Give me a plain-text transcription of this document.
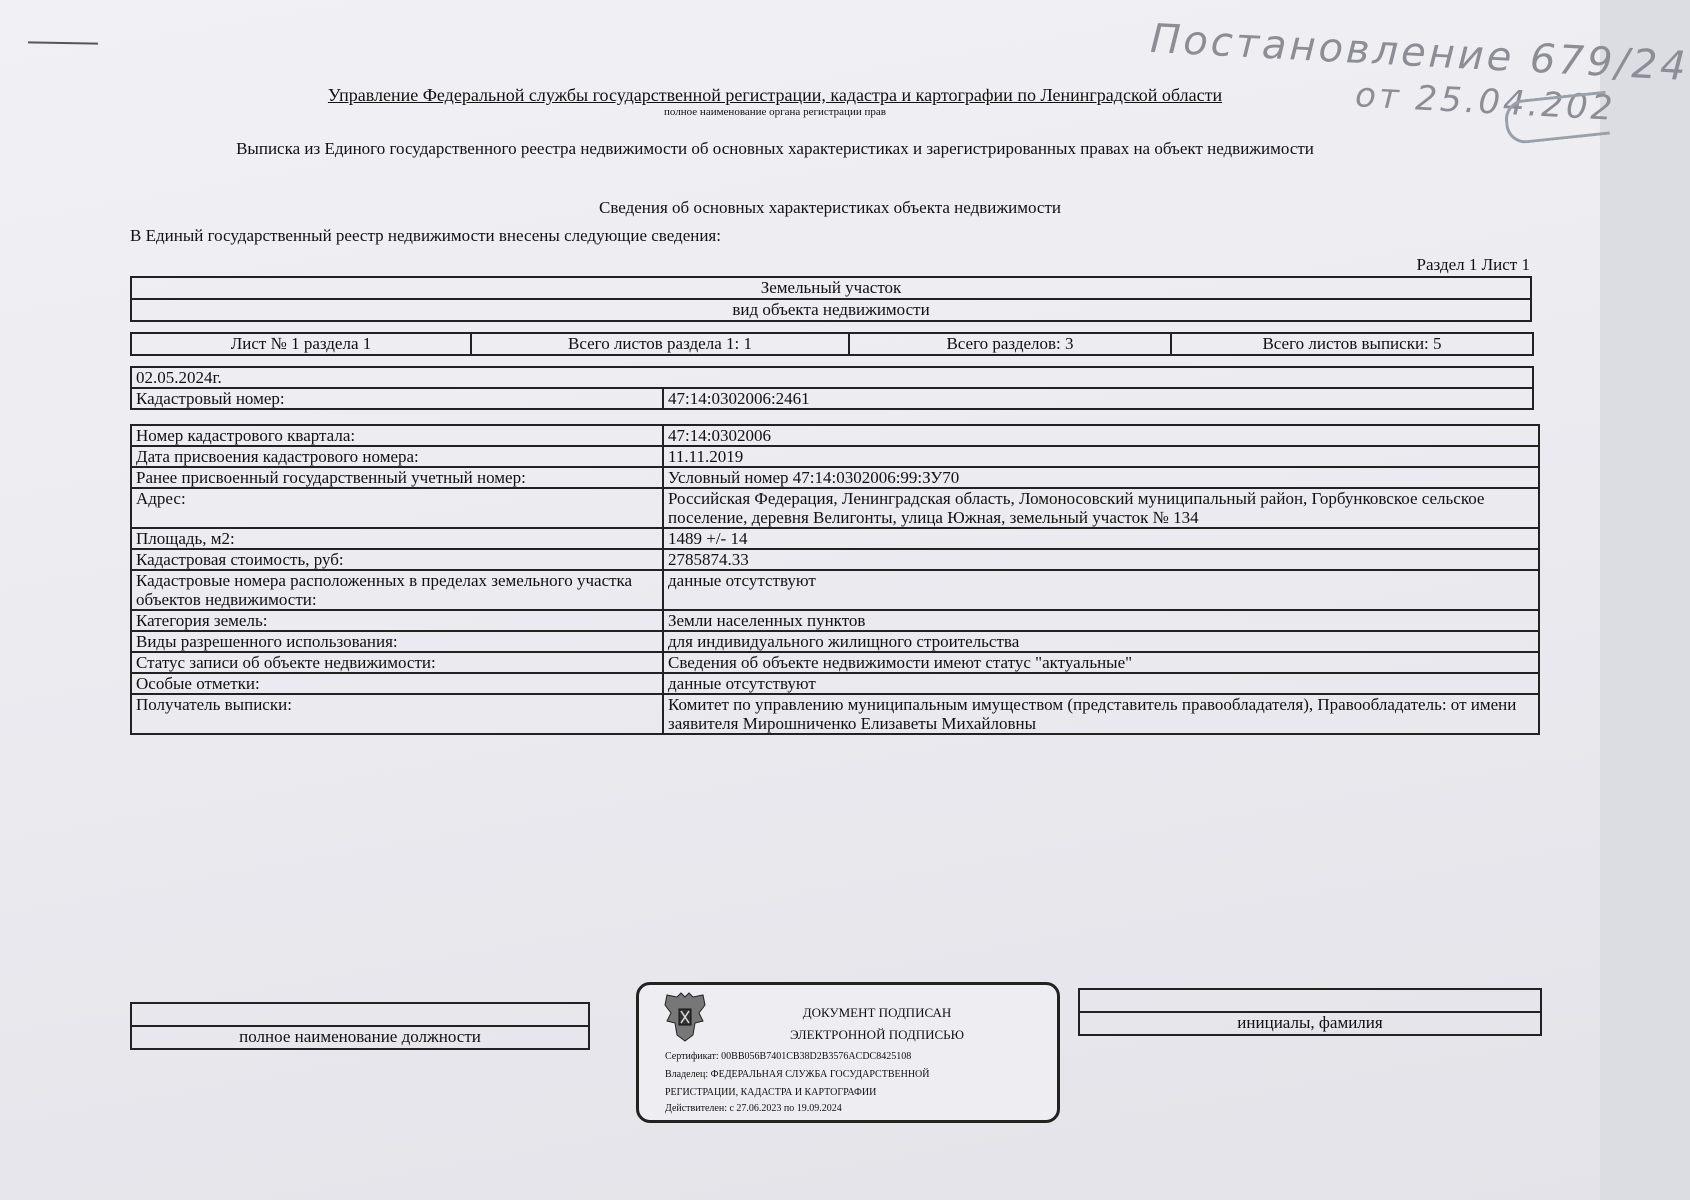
Постановление 679/24
от 25.04.202
Управление Федеральной службы государственной регистрации, кадастра и картографии по Ленинградской области
полное наименование органа регистрации прав
Выписка из Единого государственного реестра недвижимости об основных характеристиках и зарегистрированных правах на объект недвижимости
Сведения об основных характеристиках объекта недвижимости
В Единый государственный реестр недвижимости внесены следующие сведения:
Раздел 1 Лист 1
Земельный участок
вид объекта недвижимости
Лист № 1 раздела 1	Всего листов раздела 1: 1	Всего разделов: 3	Всего листов выписки: 5
02.05.2024г.
Кадастровый номер:	47:14:0302006:2461
Номер кадастрового квартала:	47:14:0302006
Дата присвоения кадастрового номера:	11.11.2019
Ранее присвоенный государственный учетный номер:	Условный номер 47:14:0302006:99:ЗУ70
Адрес:	Российская Федерация, Ленинградская область, Ломоносовский муниципальный район, Горбунковское сельское поселение, деревня Велигонты, улица Южная, земельный участок № 134
Площадь, м2:	1489 +/- 14
Кадастровая стоимость, руб:	2785874.33
Кадастровые номера расположенных в пределах земельного участка объектов недвижимости:	данные отсутствуют
Категория земель:	Земли населенных пунктов
Виды разрешенного использования:	для индивидуального жилищного строительства
Статус записи об объекте недвижимости:	Сведения об объекте недвижимости имеют статус "актуальные"
Особые отметки:	данные отсутствуют
Получатель выписки:	Комитет по управлению муниципальным имуществом (представитель правообладателя), Правообладатель: от имени заявителя Мирошниченко Елизаветы Михайловны

полное наименование должности

инициалы, фамилия
ДОКУМЕНТ ПОДПИСАН
ЭЛЕКТРОННОЙ ПОДПИСЬЮ
Сертификат: 00BB056B7401CB38D2B3576ACDC8425108
Владелец: ФЕДЕРАЛЬНАЯ СЛУЖБА ГОСУДАРСТВЕННОЙ
РЕГИСТРАЦИИ, КАДАСТРА И КАРТОГРАФИИ
Действителен: с 27.06.2023 по 19.09.2024
